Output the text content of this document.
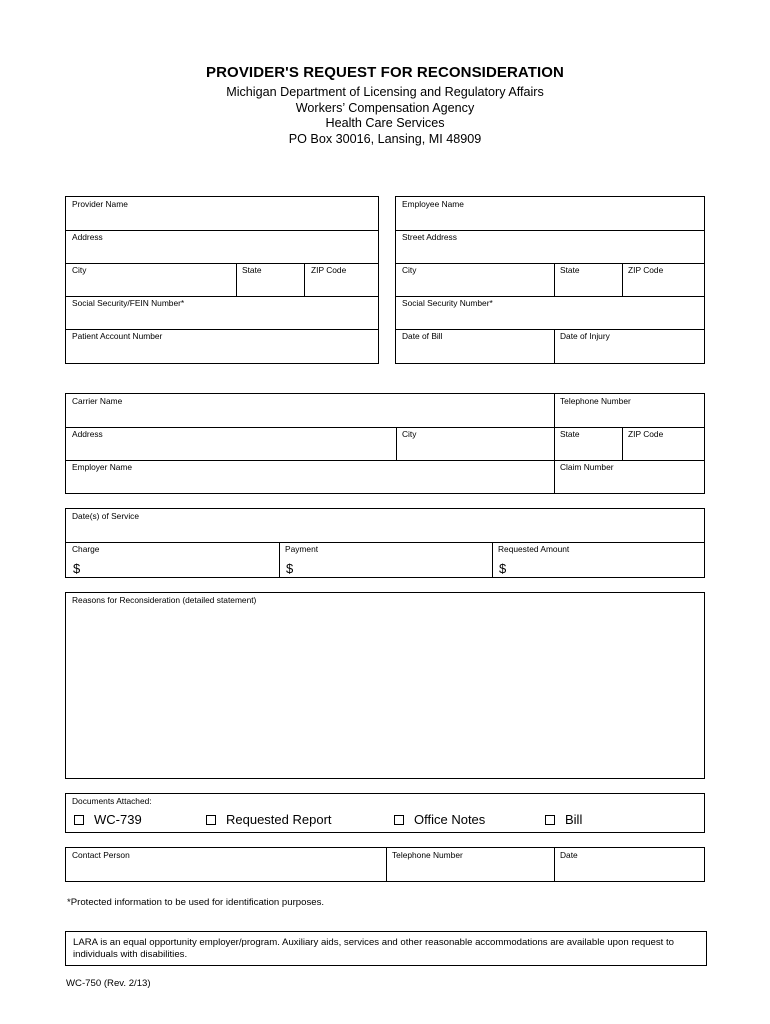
PROVIDER'S REQUEST FOR RECONSIDERATION
Michigan Department of Licensing and Regulatory Affairs
Workers’ Compensation Agency
Health Care Services
PO Box 30016, Lansing, MI 48909
Provider Name
Address
City	State	ZIP Code
Social Security/FEIN Number*
Patient Account Number
Employee Name
Street Address
City	State	ZIP Code
Social Security Number*
Date of Bill	Date of Injury
Carrier Name	Telephone Number
Address	City	State	ZIP Code
Employer Name	Claim Number
Date(s) of Service
Charge	Payment	Requested Amount
$	$	$
Reasons for Reconsideration (detailed statement)
Documents Attached:
WC-739	Requested Report	Office Notes	Bill
Contact Person	Telephone Number	Date
*Protected information to be used for identification purposes.
LARA is an equal opportunity employer/program. Auxiliary aids, services and other reasonable accommodations are available upon request to individuals with disabilities.
WC-750 (Rev. 2/13)
